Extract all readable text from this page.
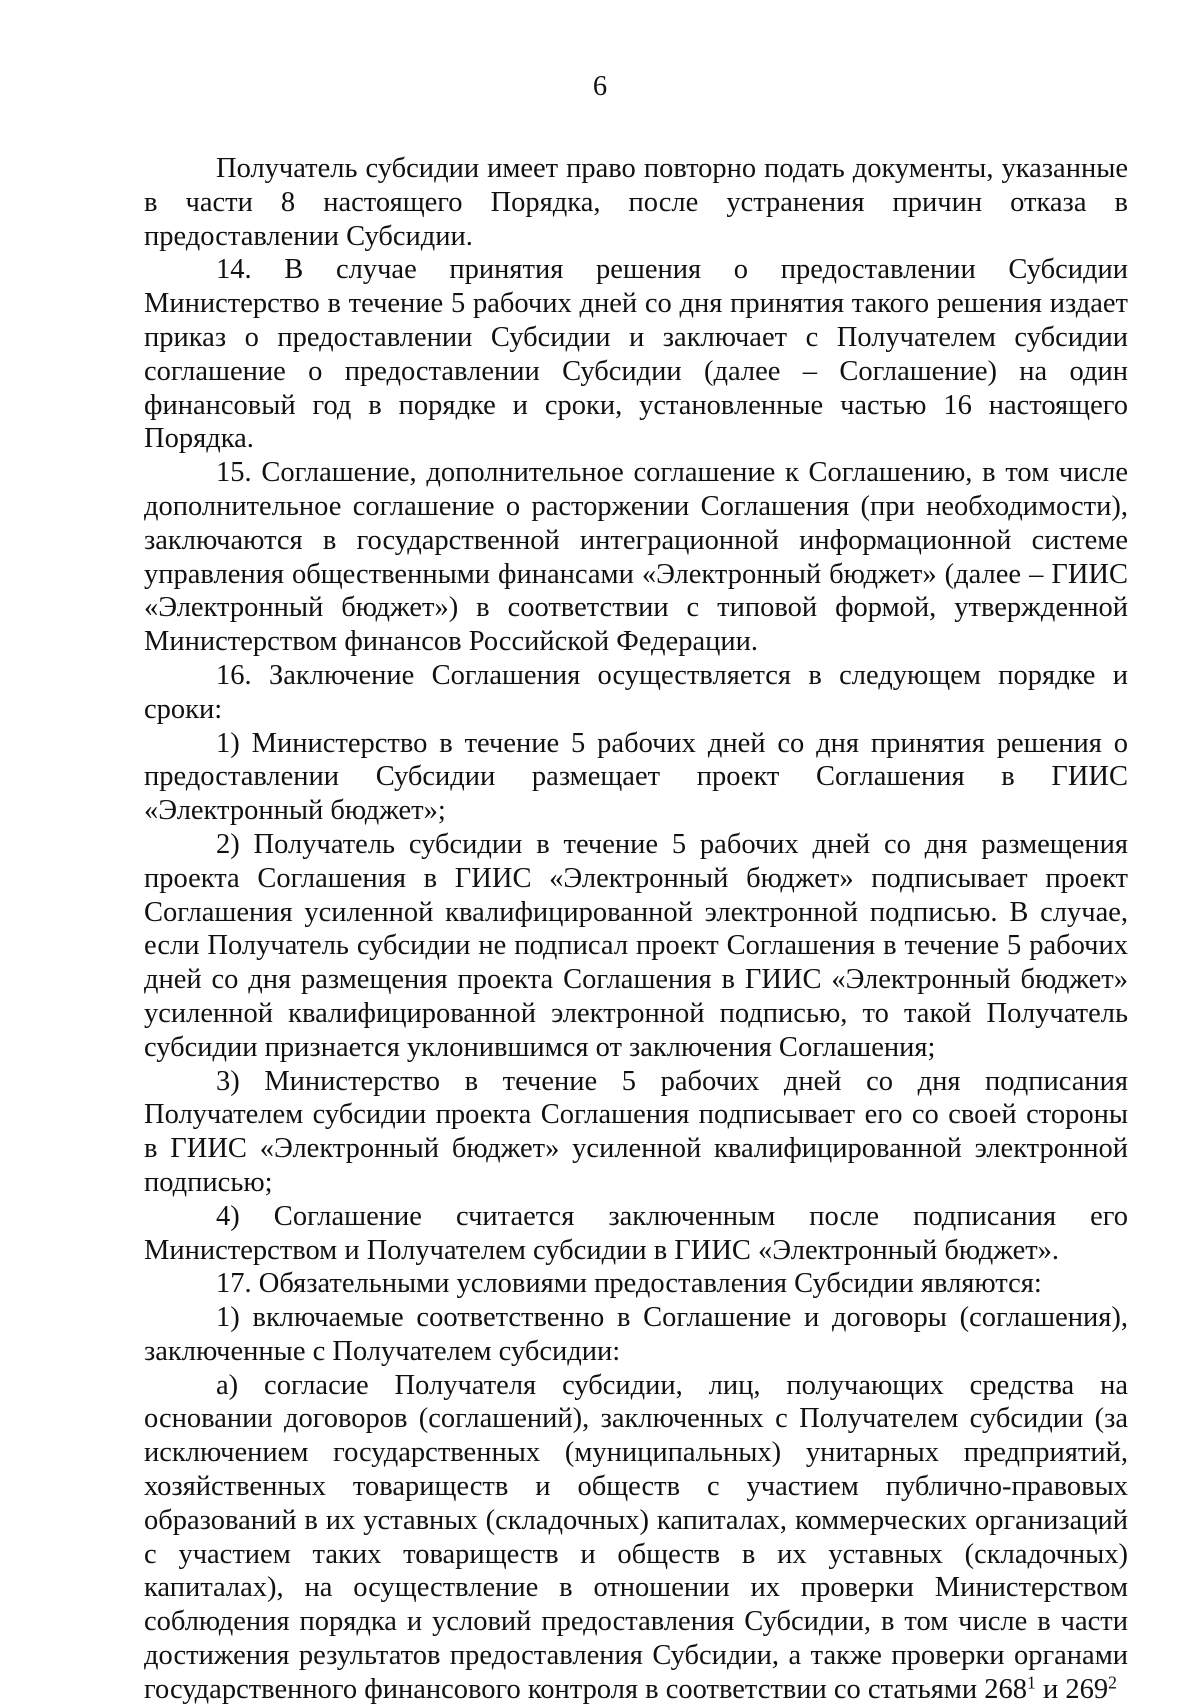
6

Получатель субсидии имеет право повторно подать документы, указанные в части 8 настоящего Порядка, после устранения причин отказа в предоставлении Субсидии.

14. В случае принятия решения о предоставлении Субсидии Министерство в течение 5 рабочих дней со дня принятия такого решения издает приказ о предоставлении Субсидии и заключает с Получателем субсидии соглашение о предоставлении Субсидии (далее – Соглашение) на один финансовый год в порядке и сроки, установленные частью 16 настоящего Порядка.

15. Соглашение, дополнительное соглашение к Соглашению, в том числе дополнительное соглашение о расторжении Соглашения (при необходимости), заключаются в государственной интеграционной информационной системе управления общественными финансами «Электронный бюджет» (далее – ГИИС «Электронный бюджет») в соответствии с типовой формой, утвержденной Министерством финансов Российской Федерации.

16. Заключение Соглашения осуществляется в следующем порядке и сроки:

1) Министерство в течение 5 рабочих дней со дня принятия решения о предоставлении Субсидии размещает проект Соглашения в ГИИС «Электронный бюджет»;

2) Получатель субсидии в течение 5 рабочих дней со дня размещения проекта Соглашения в ГИИС «Электронный бюджет» подписывает проект Соглашения усиленной квалифицированной электронной подписью. В случае, если Получатель субсидии не подписал проект Соглашения в течение 5 рабочих дней со дня размещения проекта Соглашения в ГИИС «Электронный бюджет» усиленной квалифицированной электронной подписью, то такой Получатель субсидии признается уклонившимся от заключения Соглашения;

3) Министерство в течение 5 рабочих дней со дня подписания Получателем субсидии проекта Соглашения подписывает его со своей стороны в ГИИС «Электронный бюджет» усиленной квалифицированной электронной подписью;

4) Соглашение считается заключенным после подписания его Министерством и Получателем субсидии в ГИИС «Электронный бюджет».

17. Обязательными условиями предоставления Субсидии являются:

1) включаемые соответственно в Соглашение и договоры (соглашения), заключенные с Получателем субсидии:

а) согласие Получателя субсидии, лиц, получающих средства на основании договоров (соглашений), заключенных с Получателем субсидии (за исключением государственных (муниципальных) унитарных предприятий, хозяйственных товариществ и обществ с участием публично-правовых образований в их уставных (складочных) капиталах, коммерческих организаций с участием таких товариществ и обществ в их уставных (складочных) капиталах), на осуществление в отношении их проверки Министерством соблюдения порядка и условий предоставления Субсидии, в том числе в части достижения результатов предоставления Субсидии, а также проверки органами государственного финансового контроля в соответствии со статьями $268^1$ и $269^2$
